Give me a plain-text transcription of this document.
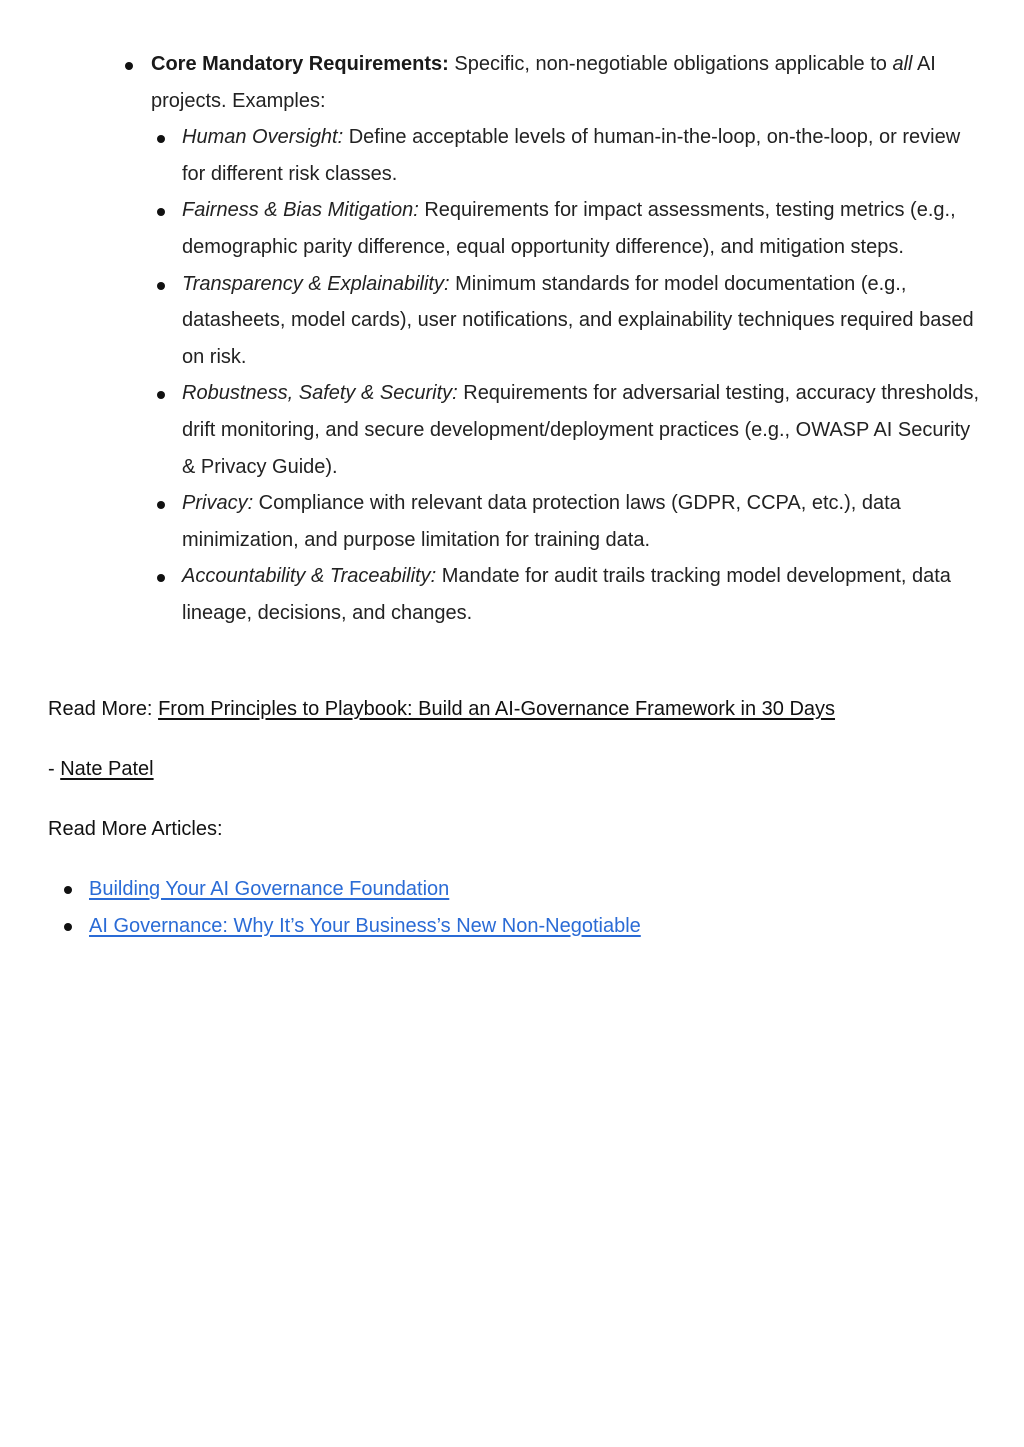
Core Mandatory Requirements: Specific, non-negotiable obligations applicable to all AI projects. Examples:
Human Oversight: Define acceptable levels of human-in-the-loop, on-the-loop, or review for different risk classes.
Fairness & Bias Mitigation: Requirements for impact assessments, testing metrics (e.g., demographic parity difference, equal opportunity difference), and mitigation steps.
Transparency & Explainability: Minimum standards for model documentation (e.g., datasheets, model cards), user notifications, and explainability techniques required based on risk.
Robustness, Safety & Security: Requirements for adversarial testing, accuracy thresholds, drift monitoring, and secure development/deployment practices (e.g., OWASP AI Security & Privacy Guide).
Privacy: Compliance with relevant data protection laws (GDPR, CCPA, etc.), data minimization, and purpose limitation for training data.
Accountability & Traceability: Mandate for audit trails tracking model development, data lineage, decisions, and changes.
Read More: From Principles to Playbook: Build an AI-Governance Framework in 30 Days
- Nate Patel
Read More Articles:
Building Your AI Governance Foundation
AI Governance: Why It’s Your Business’s New Non-Negotiable
